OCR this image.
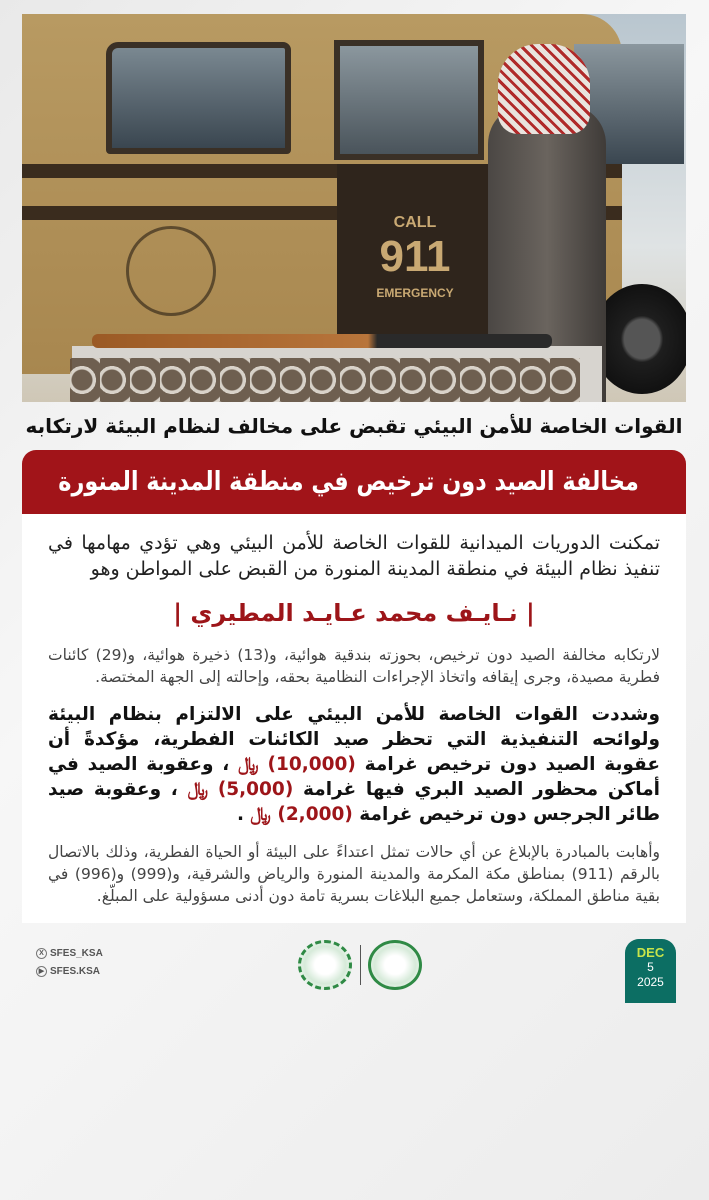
CALL
911
EMERGENCY
القوات الخاصة للأمن البيئي تقبض على مخالف لنظام البيئة لارتكابه
مخالفة الصيد دون ترخيص في منطقة المدينة المنورة
تمكنت الدوريات الميدانية للقوات الخاصة للأمن البيئي وهي تؤدي مهامها في تنفيذ نظام البيئة في منطقة المدينة المنورة من القبض على المواطن وهو
| نـايـف محمد عـايـد المطيري |
لارتكابه مخالفة الصيد دون ترخيص، بحوزته بندقية هوائية، و(13) ذخيرة هوائية، و(29) كائنات فطرية مصيدة، وجرى إيقافه واتخاذ الإجراءات النظامية بحقه، وإحالته إلى الجهة المختصة.
وشددت القوات الخاصة للأمن البيئي على الالتزام بنظام البيئة ولوائحه التنفيذية التي تحظر صيد الكائنات الفطرية، مؤكدةً أن عقوبة الصيد دون ترخيص غرامة (10,000) ﷼ ، وعقوبة الصيد في أماكن محظور الصيد البري فيها غرامة (5,000) ﷼ ، وعقوبة صيد طائر الجرجس دون ترخيص غرامة (2,000) ﷼ .
وأهابت بالمبادرة بالإبلاغ عن أي حالات تمثل اعتداءً على البيئة أو الحياة الفطرية، وذلك بالاتصال بالرقم (911) بمناطق مكة المكرمة والمدينة المنورة والرياض والشرقية، و(999) و(996) في بقية مناطق المملكة، وستعامل جميع البلاغات بسرية تامة دون أدنى مسؤولية على المبلّغ.
X SFES_KSA
▶ SFES.KSA
DEC
5
2025
